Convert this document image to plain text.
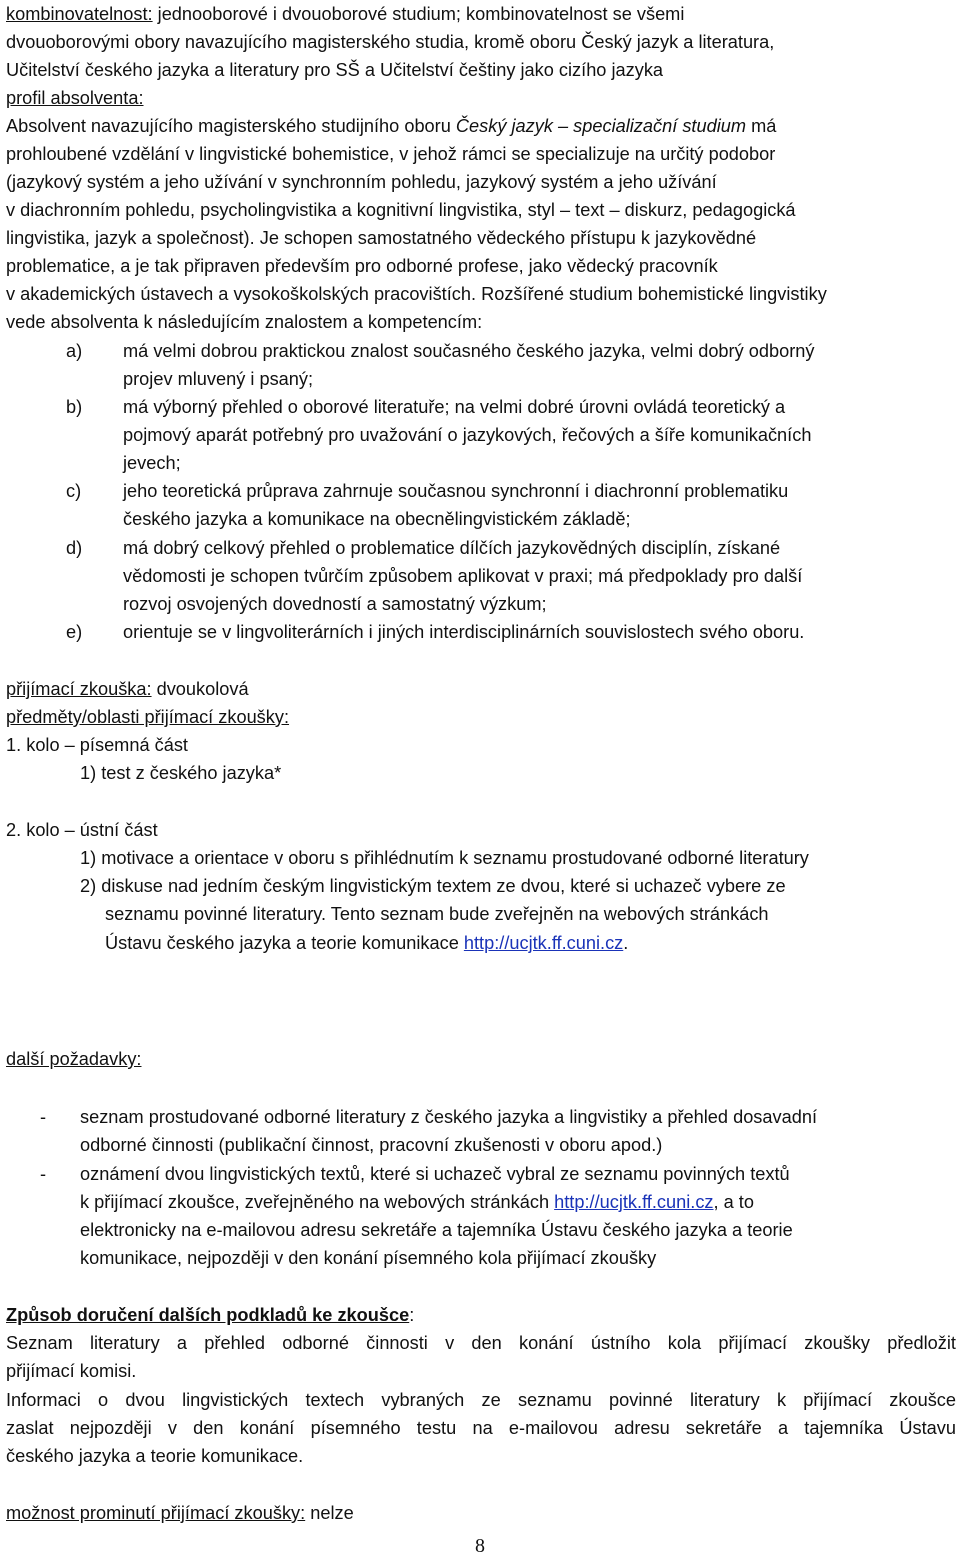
kombinovatelnost: jednooborové i dvouoborové studium; kombinovatelnost se všemi
dvouoborovými obory navazujícího magisterského studia, kromě oboru Český jazyk a literatura,
Učitelství českého jazyka a literatury pro SŠ a Učitelství češtiny jako cizího jazyka
profil absolventa:
Absolvent navazujícího magisterského studijního oboru Český jazyk – specializační studium má
prohloubené vzdělání v lingvistické bohemistice, v jehož rámci se specializuje na určitý podobor
(jazykový systém a jeho užívání v synchronním pohledu, jazykový systém a jeho užívání
v diachronním pohledu, psycholingvistika a kognitivní lingvistika, styl – text – diskurz, pedagogická
lingvistika, jazyk a společnost). Je schopen samostatného vědeckého přístupu k jazykovědné
problematice, a je tak připraven především pro odborné profese, jako vědecký pracovník
v akademických ústavech a vysokoškolských pracovištích. Rozšířené studium bohemistické lingvistiky
vede absolventa k následujícím znalostem a kompetencím:
a) má velmi dobrou praktickou znalost současného českého jazyka, velmi dobrý odborný
projev mluvený i psaný;
b) má výborný přehled o oborové literatuře; na velmi dobré úrovni ovládá teoretický a
pojmový aparát potřebný pro uvažování o jazykových, řečových a šíře komunikačních
jevech;
c) jeho teoretická průprava zahrnuje současnou synchronní i diachronní problematiku
českého jazyka a komunikace na obecnělingvistickém základě;
d) má dobrý celkový přehled o problematice dílčích jazykovědných disciplín, získané
vědomosti je schopen tvůrčím způsobem aplikovat v praxi; má předpoklady pro další
rozvoj osvojených dovedností a samostatný výzkum;
e) orientuje se v lingvoliterárních i jiných interdisciplinárních souvislostech svého oboru.
přijímací zkouška: dvoukolová
předměty/oblasti přijímací zkoušky:
1. kolo – písemná část
1) test z českého jazyka*
2. kolo – ústní část
1) motivace a orientace v oboru s přihlédnutím k seznamu prostudované odborné literatury
2) diskuse nad jedním českým lingvistickým textem ze dvou, které si uchazeč vybere ze
seznamu povinné literatury. Tento seznam bude zveřejněn na webových stránkách
Ústavu českého jazyka a teorie komunikace http://ucjtk.ff.cuni.cz.
další požadavky:
- seznam prostudované odborné literatury z českého jazyka a lingvistiky a přehled dosavadní
odborné činnosti (publikační činnost, pracovní zkušenosti v oboru apod.)
- oznámení dvou lingvistických textů, které si uchazeč vybral ze seznamu povinných textů
k přijímací zkoušce, zveřejněného na webových stránkách http://ucjtk.ff.cuni.cz, a to
elektronicky na e-mailovou adresu sekretáře a tajemníka Ústavu českého jazyka a teorie
komunikace, nejpozději v den konání písemného kola přijímací zkoušky
Způsob doručení dalších podkladů ke zkoušce:
Seznam literatury a přehled odborné činnosti v den konání ústního kola přijímací zkoušky předložit
přijímací komisi.
Informaci o dvou lingvistických textech vybraných ze seznamu povinné literatury k přijímací zkoušce
zaslat nejpozději v den konání písemného testu na e-mailovou adresu sekretáře a tajemníka Ústavu
českého jazyka a teorie komunikace.
možnost prominutí přijímací zkoušky: nelze
8
